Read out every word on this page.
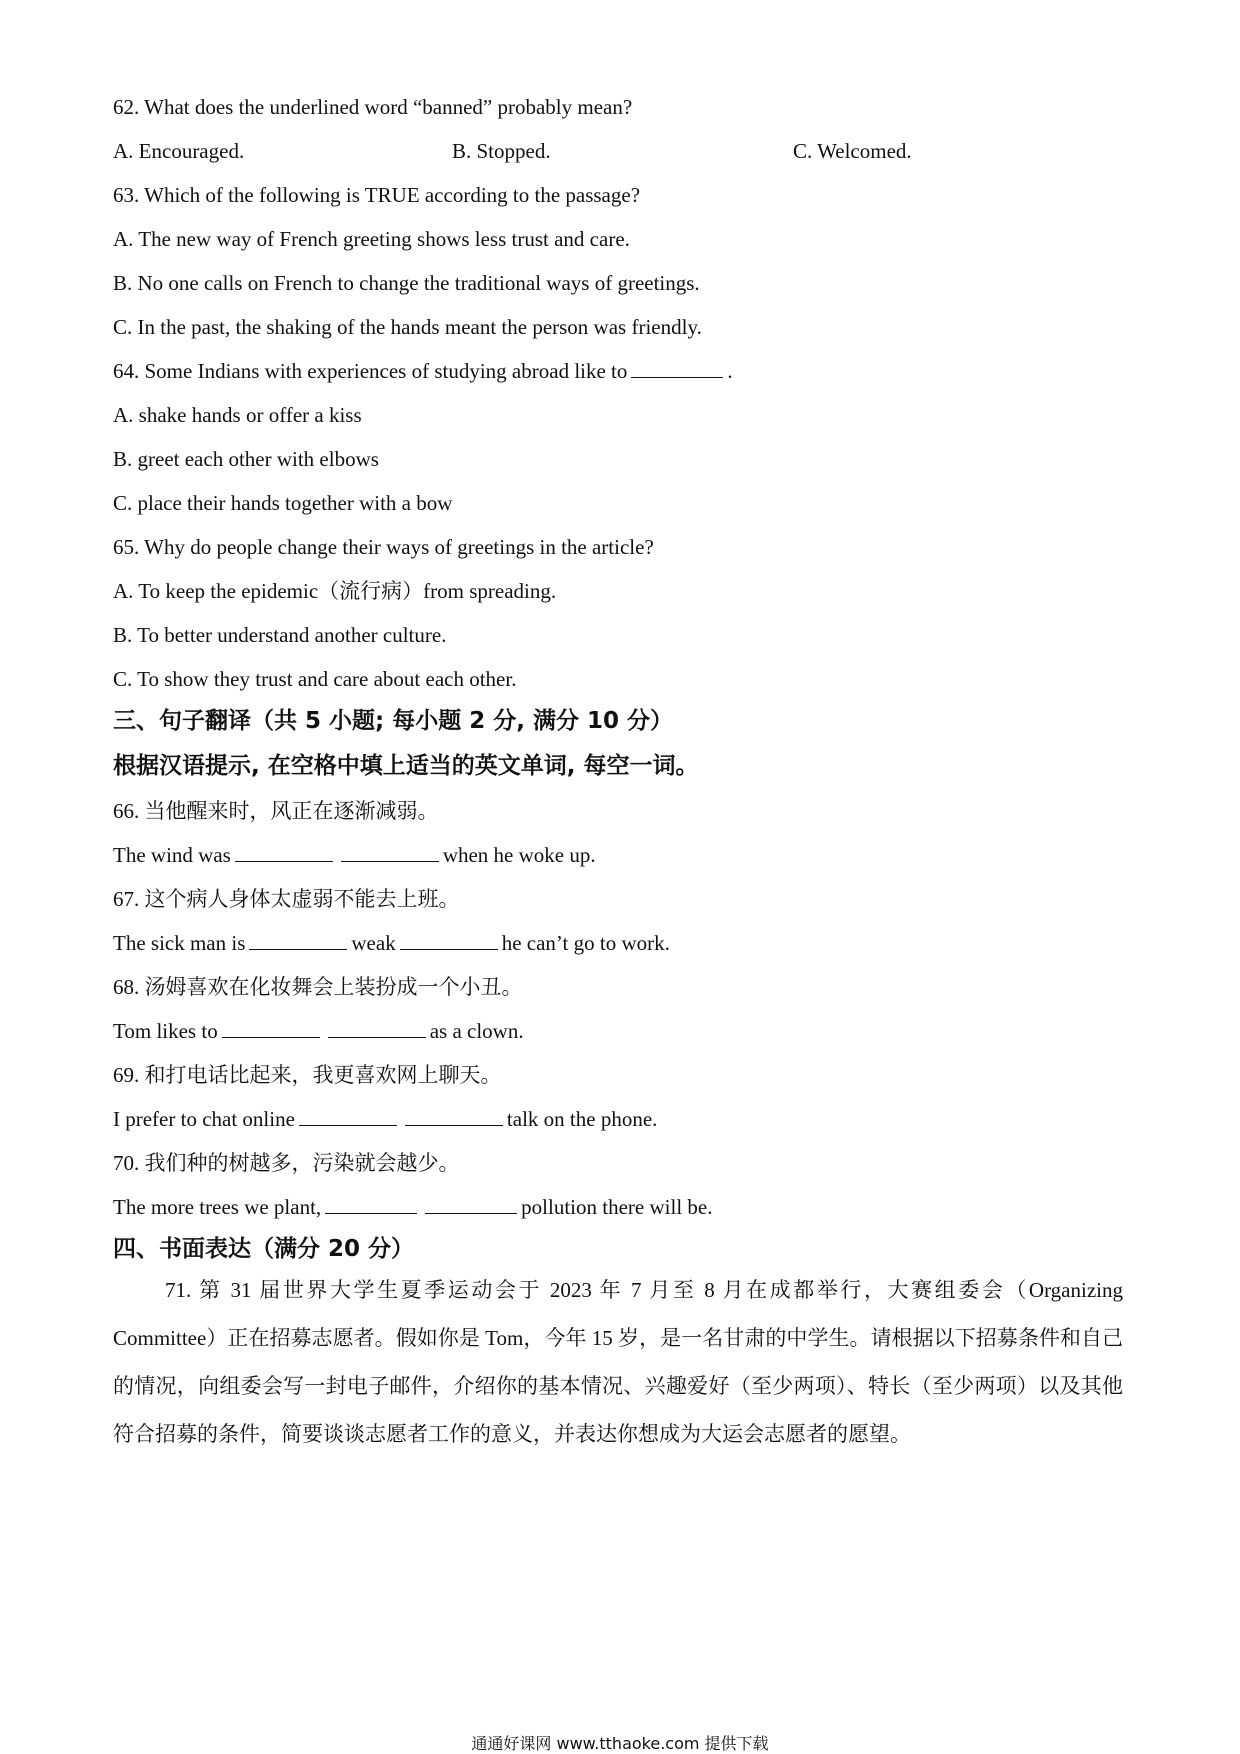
62. What does the underlined word “banned” probably mean?
A. Encouraged.	B. Stopped.	C. Welcomed.
63. Which of the following is TRUE according to the passage?
A. The new way of French greeting shows less trust and care.
B. No one calls on French to change the traditional ways of greetings.
C. In the past, the shaking of the hands meant the person was friendly.
64. Some Indians with experiences of studying abroad like to	.
A. shake hands or offer a kiss
B. greet each other with elbows
C. place their hands together with a bow
65. Why do people change their ways of greetings in the article?
A. To keep the epidemic（流行病）from spreading.
B. To better understand another culture.
C. To show they trust and care about each other.
三、句子翻译（共 5 小题; 每小题 2 分, 满分 10 分）
根据汉语提示, 在空格中填上适当的英文单词, 每空一词。
66. 当他醒来时，风正在逐渐减弱。
The wind was	when he woke up.
67. 这个病人身体太虚弱不能去上班。
The sick man is	weak	he can’t go to work.
68. 汤姆喜欢在化妆舞会上装扮成一个小丑。
Tom likes to	as a clown.
69. 和打电话比起来，我更喜欢网上聊天。
I prefer to chat online	talk on the phone.
70. 我们种的树越多，污染就会越少。
The more trees we plant,	pollution there will be.
四、书面表达（满分 20 分）
71. 第 31 届世界大学生夏季运动会于 2023 年 7 月至 8 月在成都举行，大赛组委会（Organizing Committee）正在招募志愿者。假如你是 Tom，今年 15 岁，是一名甘肃的中学生。请根据以下招募条件和自己的情况，向组委会写一封电子邮件，介绍你的基本情况、兴趣爱好（至少两项）、特长（至少两项）以及其他符合招募的条件，简要谈谈志愿者工作的意义，并表达你想成为大运会志愿者的愿望。
通通好课网 www.tthaoke.com 提供下载
